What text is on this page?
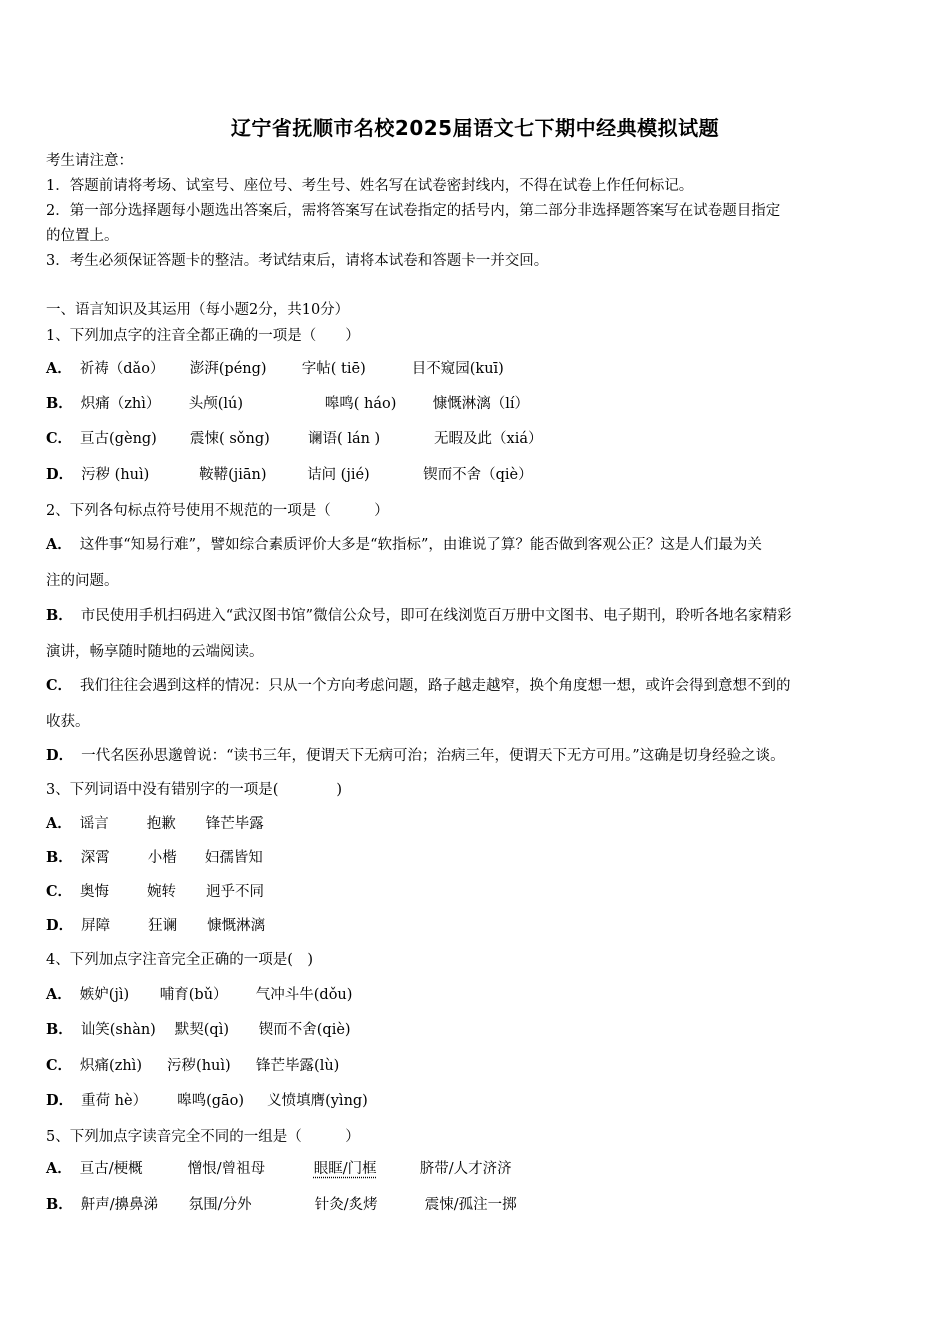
辽宁省抚顺市名校2025届语文七下期中经典模拟试题
考生请注意：
1．答题前请将考场、试室号、座位号、考生号、姓名写在试卷密封线内，不得在试卷上作任何标记。
2．第一部分选择题每小题选出答案后，需将答案写在试卷指定的括号内，第二部分非选择题答案写在试卷题目指定
的位置上。
3．考生必须保证答题卡的整洁。考试结束后，请将本试卷和答题卡一并交回。
一、语言知识及其运用（每小题2分，共10分）
1、下列加点字的注音全都正确的一项是（　　）
A． 祈祷（dǎo） 澎湃(péng) 字帖( tiē)	目不窥园(kuī)
B． 炽痛（zhì） 头颅(lú)	嗥鸣( háo)	慷慨淋漓（lí）
C． 亘古(gèng) 震悚( sǒng)	谰语( lán )	无暇及此（xiá）
D． 污秽 (huì)	鞍鞯(jiān)	诘问 (jié)	锲而不舍（qiè）
2、下列各句标点符号使用不规范的一项是（　　　）
A． 这件事“知易行难”，譬如综合素质评价大多是“软指标”，由谁说了算？能否做到客观公正？这是人们最为关
注的问题。
B． 市民使用手机扫码进入“武汉图书馆”微信公众号，即可在线浏览百万册中文图书、电子期刊，聆听各地名家精彩
演讲，畅享随时随地的云端阅读。
C． 我们往往会遇到这样的情况：只从一个方向考虑问题，路子越走越窄，换个角度想一想，或许会得到意想不到的
收获。
D． 一代名医孙思邈曾说：“读书三年，便谓天下无病可治；治病三年，便谓天下无方可用。”这确是切身经验之谈。
3、下列词语中没有错别字的一项是(　　　　)
A． 谣言	抱歉 锋芒毕露
B． 深霄	小楷 妇孺皆知
C． 奥悔	婉转 迥乎不同
D． 屏障	狂谰 慷慨淋漓
4、下列加点字注音完全正确的一项是(　)
A． 嫉妒(jì) 哺育(bǔ） 气冲斗牛(dǒu)
B． 讪笑(shàn) 默契(qì) 锲而不舍(qiè)
C． 炽痛(zhì) 污秽(huì) 锋芒毕露(lù)
D． 重荷 hè） 嗥鸣(gāo) 义愤填膺(yìng)
5、下列加点字读音完全不同的一组是（　　　）
A． 亘古/梗概	憎恨/曾祖母	眼眶/门框	脐带/人才济济
B． 鼾声/擤鼻涕 氛围/分外	针灸/炙烤	震悚/孤注一掷
